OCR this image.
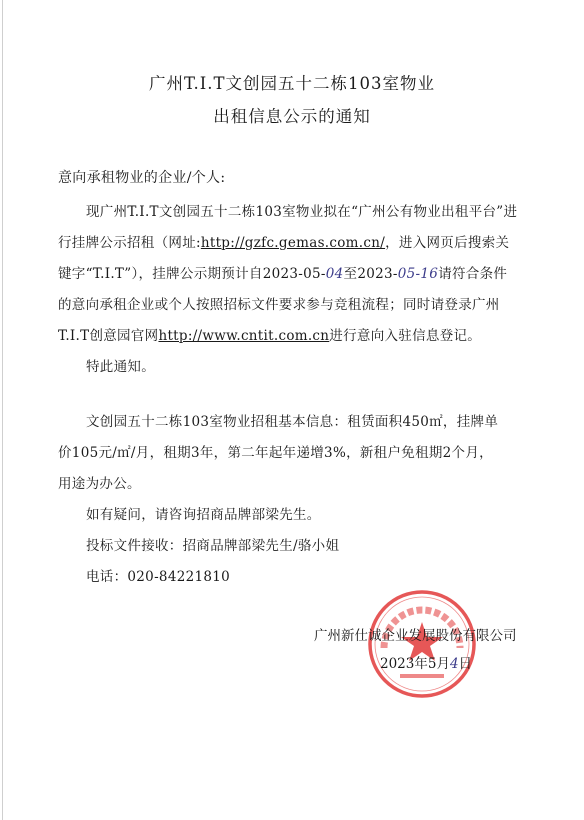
广州T.I.T文创园五十二栋103室物业
出租信息公示的通知
意向承租物业的企业/个人:
现广州T.I.T文创园五十二栋103室物业拟在“广州公有物业出租平台”进
行挂牌公示招租（网址:http://gzfc.gemas.com.cn/，进入网页后搜索关
键字“T.I.T”），挂牌公示期预计自2023-05-04至2023-05-16请符合条件
的意向承租企业或个人按照招标文件要求参与竞租流程；同时请登录广州
T.I.T创意园官网http://www.cntit.com.cn进行意向入驻信息登记。
特此通知。
文创园五十二栋103室物业招租基本信息：租赁面积450㎡，挂牌单
价105元/㎡/月，租期3年，第二年起年递增3%，新租户免租期2个月，
用途为办公。
如有疑问，请咨询招商品牌部梁先生。
投标文件接收：招商品牌部梁先生/骆小姐
电话：020-84221810
广州新仕诚企业发展股份有限公司
2023年5月4日
